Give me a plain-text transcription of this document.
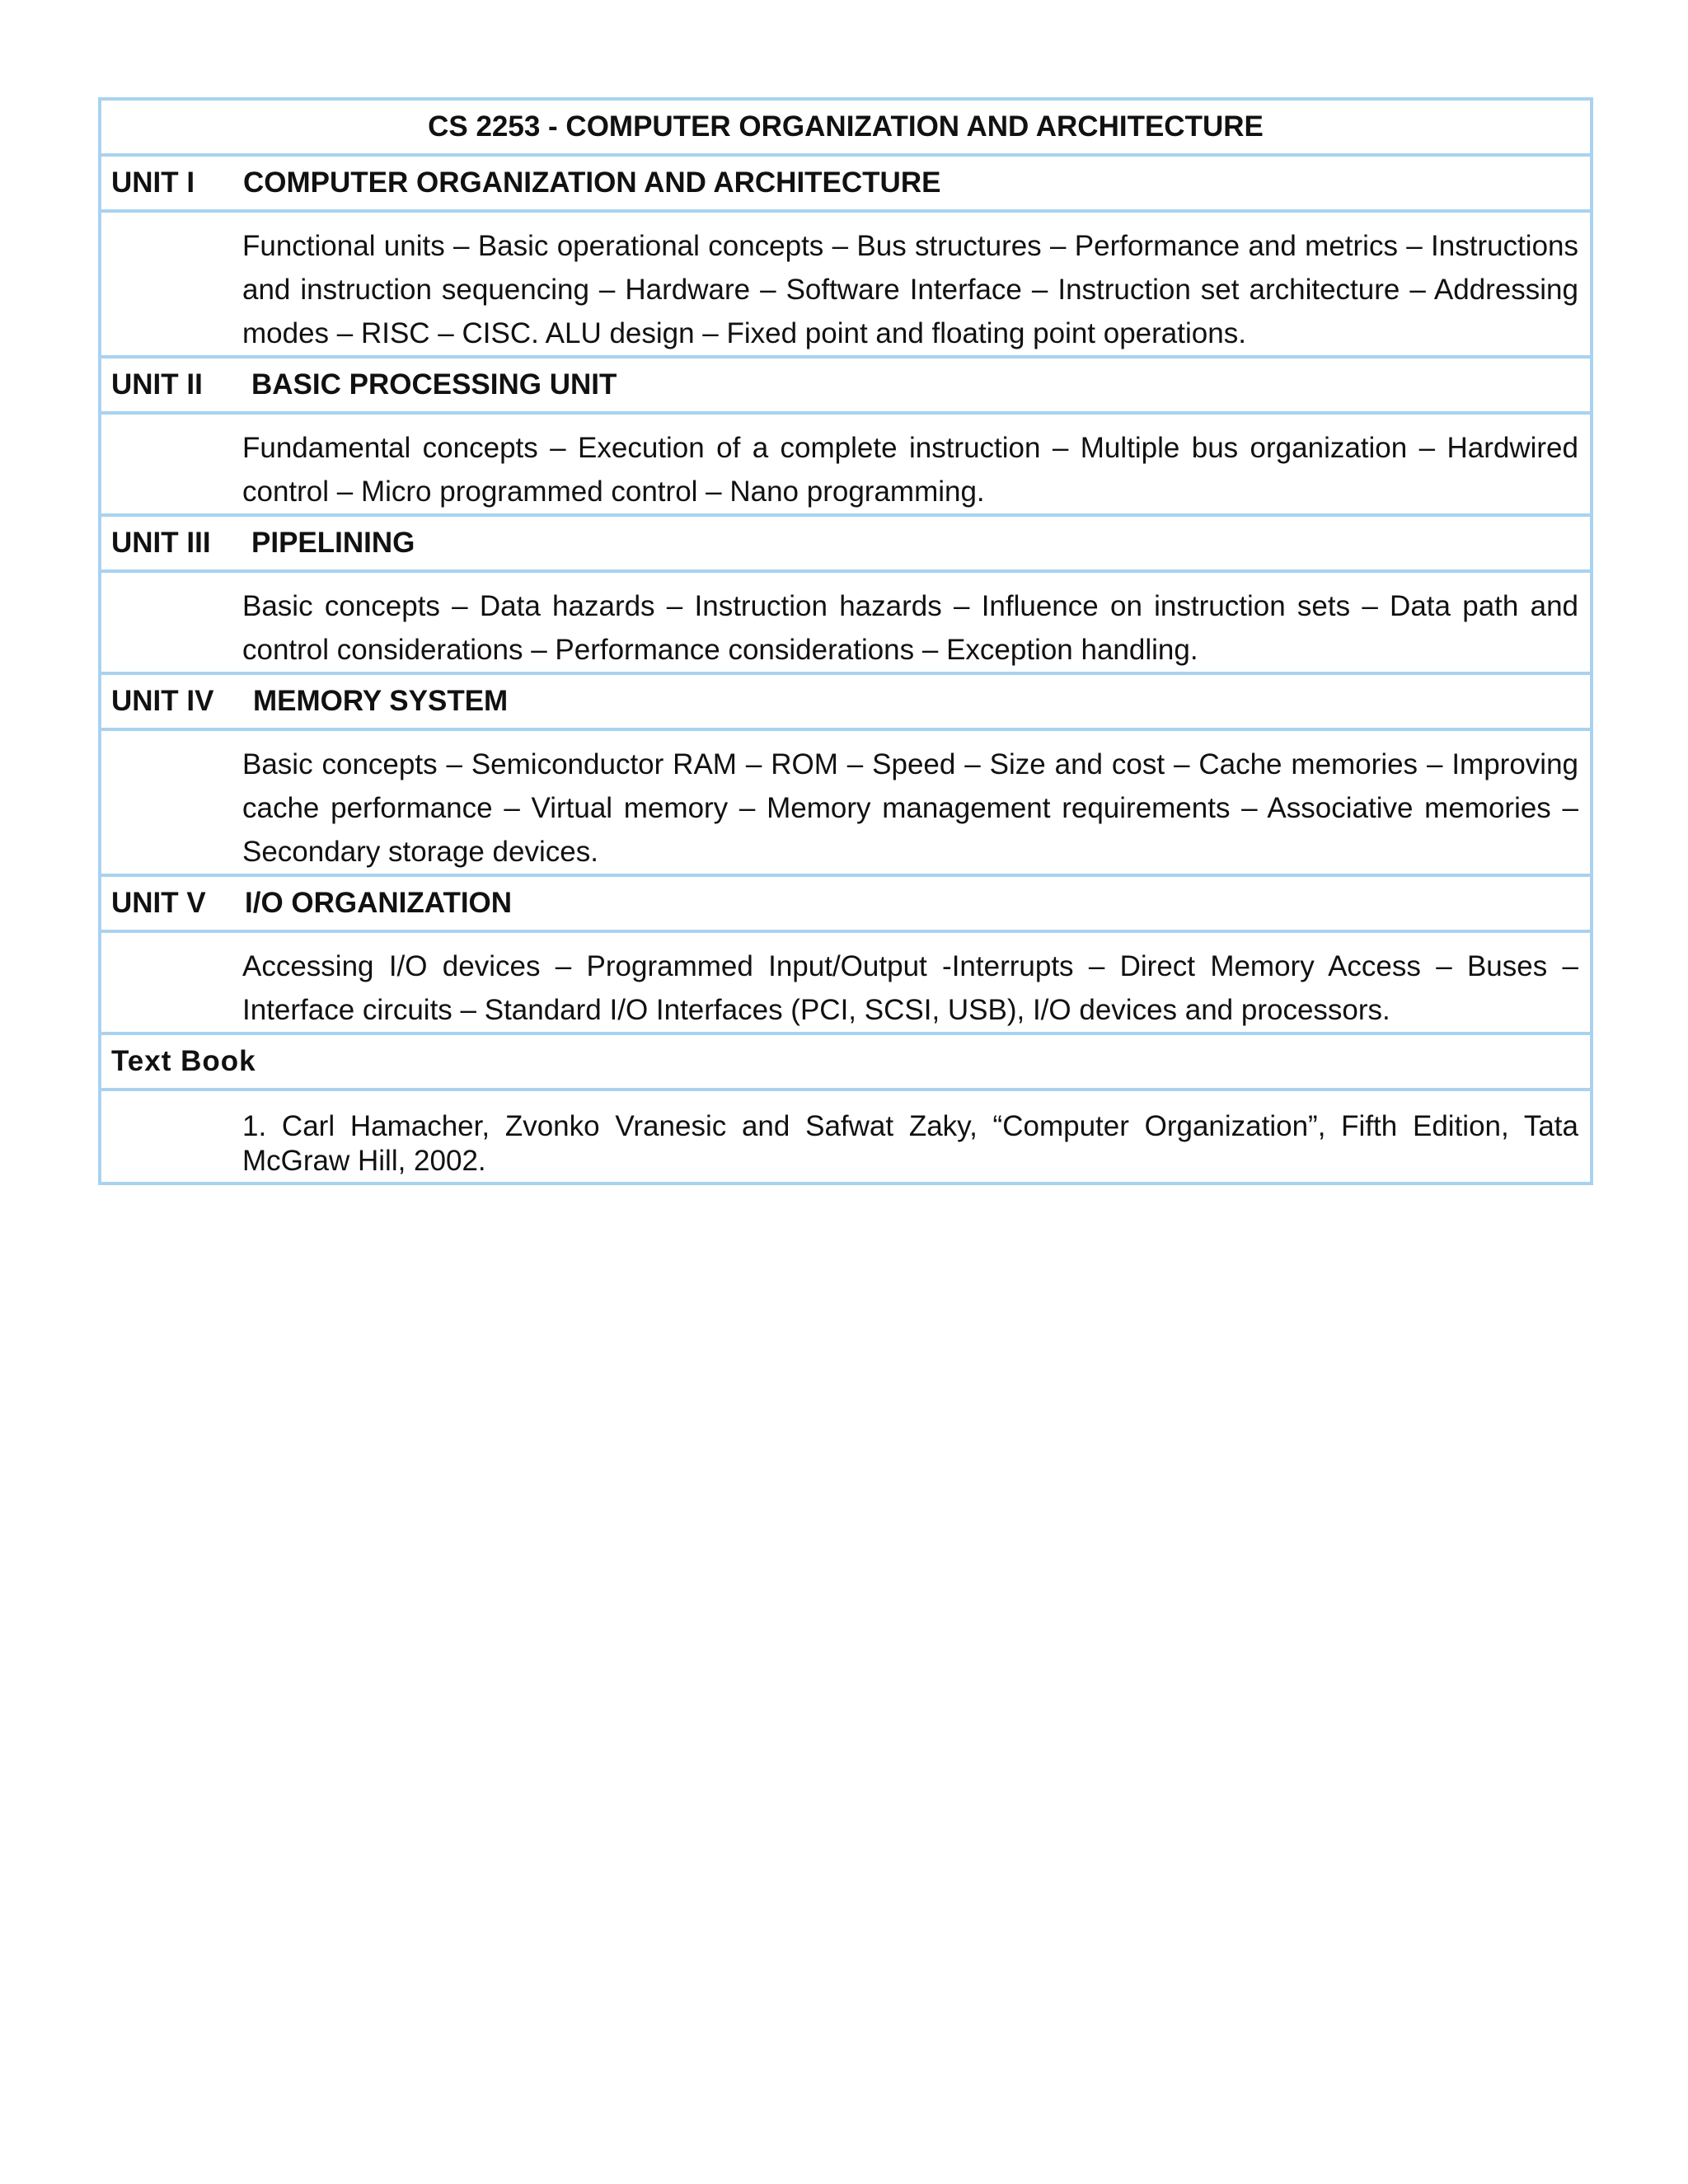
CS 2253 - COMPUTER ORGANIZATION AND ARCHITECTURE
UNIT I	COMPUTER ORGANIZATION AND ARCHITECTURE

Functional units – Basic operational concepts – Bus structures – Performance and metrics – Instructions and instruction sequencing – Hardware – Software Interface – Instruction set architecture – Addressing modes – RISC – CISC. ALU design – Fixed point and floating point operations.

UNIT II	BASIC PROCESSING UNIT

Fundamental concepts – Execution of a complete instruction – Multiple bus organization – Hardwired control – Micro programmed control – Nano programming.

UNIT III	PIPELINING

Basic concepts – Data hazards – Instruction hazards – Influence on instruction sets – Data path and control considerations – Performance considerations – Exception handling.

UNIT IV	MEMORY SYSTEM

Basic concepts – Semiconductor RAM – ROM – Speed – Size and cost – Cache memories – Improving cache performance – Virtual memory – Memory management requirements – Associative memories – Secondary storage devices.

UNIT V	I/O ORGANIZATION

Accessing I/O devices – Programmed Input/Output -Interrupts – Direct Memory Access – Buses – Interface circuits – Standard I/O Interfaces (PCI, SCSI, USB), I/O devices and processors.

Text Book

1. Carl Hamacher, Zvonko Vranesic and Safwat Zaky, “Computer Organization”, Fifth Edition, Tata McGraw Hill, 2002.
